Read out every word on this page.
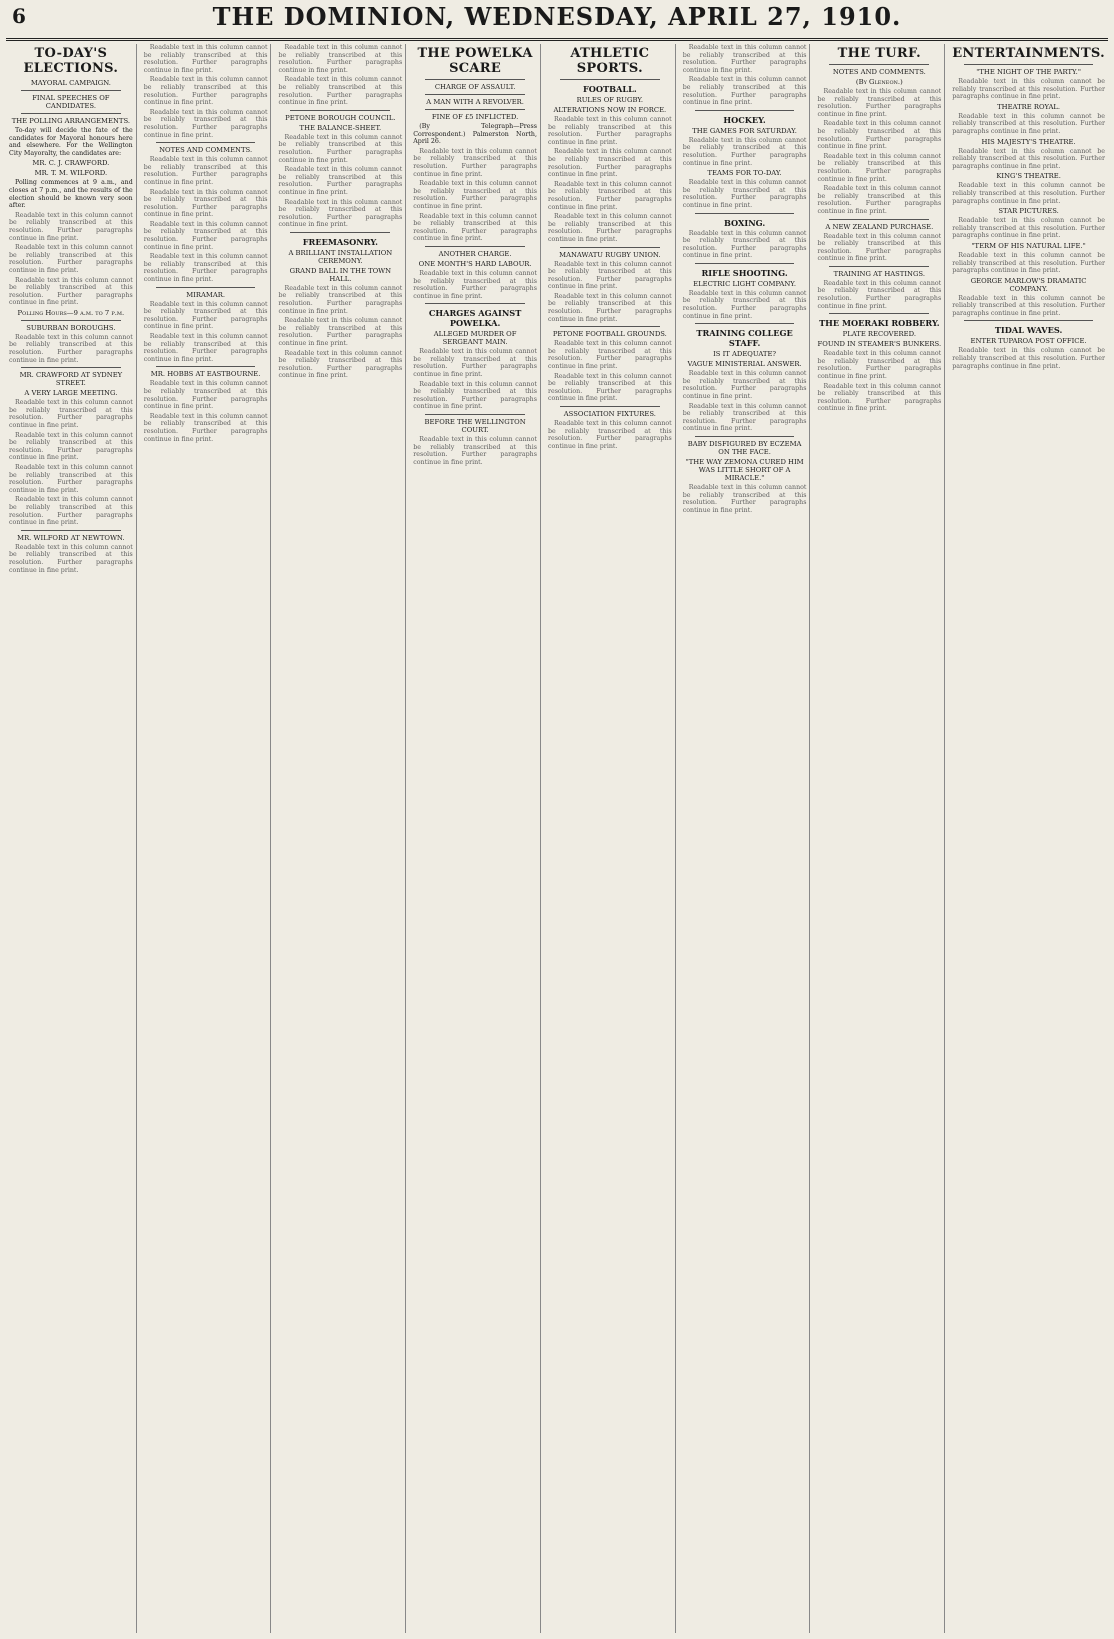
6	THE DOMINION, WEDNESDAY, APRIL 27, 1910.
TO-DAY'S ELECTIONS.
MAYORAL CAMPAIGN.
FINAL SPEECHES OF CANDIDATES.
THE POLLING ARRANGEMENTS.

To-day will decide the fate of the candidates for Mayoral honours here and elsewhere. For the Wellington City Mayoralty, the candidates are:

MR. C. J. CRAWFORD.
MR. T. M. WILFORD.

Polling commences at 9 a.m., and closes at 7 p.m., and the results of the election should be known very soon after.

Readable text in this column cannot be reliably transcribed at this resolution. Further paragraphs continue in fine print.

Readable text in this column cannot be reliably transcribed at this resolution. Further paragraphs continue in fine print.

Readable text in this column cannot be reliably transcribed at this resolution. Further paragraphs continue in fine print.

Polling Hours—9 a.m. to 7 p.m.
SUBURBAN BOROUGHS.

Readable text in this column cannot be reliably transcribed at this resolution. Further paragraphs continue in fine print.

MR. CRAWFORD AT SYDNEY STREET.
A VERY LARGE MEETING.

Readable text in this column cannot be reliably transcribed at this resolution. Further paragraphs continue in fine print.

Readable text in this column cannot be reliably transcribed at this resolution. Further paragraphs continue in fine print.

Readable text in this column cannot be reliably transcribed at this resolution. Further paragraphs continue in fine print.

Readable text in this column cannot be reliably transcribed at this resolution. Further paragraphs continue in fine print.

MR. WILFORD AT NEWTOWN.

Readable text in this column cannot be reliably transcribed at this resolution. Further paragraphs continue in fine print.

Readable text in this column cannot be reliably transcribed at this resolution. Further paragraphs continue in fine print.

Readable text in this column cannot be reliably transcribed at this resolution. Further paragraphs continue in fine print.

Readable text in this column cannot be reliably transcribed at this resolution. Further paragraphs continue in fine print.

NOTES AND COMMENTS.

Readable text in this column cannot be reliably transcribed at this resolution. Further paragraphs continue in fine print.

Readable text in this column cannot be reliably transcribed at this resolution. Further paragraphs continue in fine print.

Readable text in this column cannot be reliably transcribed at this resolution. Further paragraphs continue in fine print.

Readable text in this column cannot be reliably transcribed at this resolution. Further paragraphs continue in fine print.

MIRAMAR.

Readable text in this column cannot be reliably transcribed at this resolution. Further paragraphs continue in fine print.

Readable text in this column cannot be reliably transcribed at this resolution. Further paragraphs continue in fine print.

MR. HOBBS AT EASTBOURNE.

Readable text in this column cannot be reliably transcribed at this resolution. Further paragraphs continue in fine print.

Readable text in this column cannot be reliably transcribed at this resolution. Further paragraphs continue in fine print.

Readable text in this column cannot be reliably transcribed at this resolution. Further paragraphs continue in fine print.

Readable text in this column cannot be reliably transcribed at this resolution. Further paragraphs continue in fine print.

PETONE BOROUGH COUNCIL.
THE BALANCE-SHEET.

Readable text in this column cannot be reliably transcribed at this resolution. Further paragraphs continue in fine print.

Readable text in this column cannot be reliably transcribed at this resolution. Further paragraphs continue in fine print.

Readable text in this column cannot be reliably transcribed at this resolution. Further paragraphs continue in fine print.

FREEMASONRY.
A BRILLIANT INSTALLATION CEREMONY.
GRAND BALL IN THE TOWN HALL.

Readable text in this column cannot be reliably transcribed at this resolution. Further paragraphs continue in fine print.

Readable text in this column cannot be reliably transcribed at this resolution. Further paragraphs continue in fine print.

Readable text in this column cannot be reliably transcribed at this resolution. Further paragraphs continue in fine print.

THE POWELKA SCARE
CHARGE OF ASSAULT.
A MAN WITH A REVOLVER.
FINE OF £5 INFLICTED.

(By Telegraph—Press Correspondent.) Palmerston North, April 26.

Readable text in this column cannot be reliably transcribed at this resolution. Further paragraphs continue in fine print.

Readable text in this column cannot be reliably transcribed at this resolution. Further paragraphs continue in fine print.

Readable text in this column cannot be reliably transcribed at this resolution. Further paragraphs continue in fine print.

ANOTHER CHARGE.
ONE MONTH'S HARD LABOUR.

Readable text in this column cannot be reliably transcribed at this resolution. Further paragraphs continue in fine print.

CHARGES AGAINST POWELKA.
ALLEGED MURDER OF SERGEANT MAIN.

Readable text in this column cannot be reliably transcribed at this resolution. Further paragraphs continue in fine print.

Readable text in this column cannot be reliably transcribed at this resolution. Further paragraphs continue in fine print.

BEFORE THE WELLINGTON COURT.

Readable text in this column cannot be reliably transcribed at this resolution. Further paragraphs continue in fine print.

ATHLETIC SPORTS.
FOOTBALL.
RULES OF RUGBY.
ALTERATIONS NOW IN FORCE.

Readable text in this column cannot be reliably transcribed at this resolution. Further paragraphs continue in fine print.

Readable text in this column cannot be reliably transcribed at this resolution. Further paragraphs continue in fine print.

Readable text in this column cannot be reliably transcribed at this resolution. Further paragraphs continue in fine print.

Readable text in this column cannot be reliably transcribed at this resolution. Further paragraphs continue in fine print.

MANAWATU RUGBY UNION.

Readable text in this column cannot be reliably transcribed at this resolution. Further paragraphs continue in fine print.

Readable text in this column cannot be reliably transcribed at this resolution. Further paragraphs continue in fine print.

PETONE FOOTBALL GROUNDS.

Readable text in this column cannot be reliably transcribed at this resolution. Further paragraphs continue in fine print.

Readable text in this column cannot be reliably transcribed at this resolution. Further paragraphs continue in fine print.

ASSOCIATION FIXTURES.

Readable text in this column cannot be reliably transcribed at this resolution. Further paragraphs continue in fine print.

Readable text in this column cannot be reliably transcribed at this resolution. Further paragraphs continue in fine print.

Readable text in this column cannot be reliably transcribed at this resolution. Further paragraphs continue in fine print.

HOCKEY.
THE GAMES FOR SATURDAY.

Readable text in this column cannot be reliably transcribed at this resolution. Further paragraphs continue in fine print.

TEAMS FOR TO-DAY.

Readable text in this column cannot be reliably transcribed at this resolution. Further paragraphs continue in fine print.

BOXING.

Readable text in this column cannot be reliably transcribed at this resolution. Further paragraphs continue in fine print.

RIFLE SHOOTING.
ELECTRIC LIGHT COMPANY.

Readable text in this column cannot be reliably transcribed at this resolution. Further paragraphs continue in fine print.

TRAINING COLLEGE STAFF.
IS IT ADEQUATE?
VAGUE MINISTERIAL ANSWER.

Readable text in this column cannot be reliably transcribed at this resolution. Further paragraphs continue in fine print.

Readable text in this column cannot be reliably transcribed at this resolution. Further paragraphs continue in fine print.

BABY DISFIGURED BY ECZEMA ON THE FACE.
"THE WAY ZEMONA CURED HIM WAS LITTLE SHORT OF A MIRACLE."

Readable text in this column cannot be reliably transcribed at this resolution. Further paragraphs continue in fine print.

THE TURF.
NOTES AND COMMENTS.
(By Gleneon.)

Readable text in this column cannot be reliably transcribed at this resolution. Further paragraphs continue in fine print.

Readable text in this column cannot be reliably transcribed at this resolution. Further paragraphs continue in fine print.

Readable text in this column cannot be reliably transcribed at this resolution. Further paragraphs continue in fine print.

Readable text in this column cannot be reliably transcribed at this resolution. Further paragraphs continue in fine print.

A NEW ZEALAND PURCHASE.

Readable text in this column cannot be reliably transcribed at this resolution. Further paragraphs continue in fine print.

TRAINING AT HASTINGS.

Readable text in this column cannot be reliably transcribed at this resolution. Further paragraphs continue in fine print.

THE MOERAKI ROBBERY.
PLATE RECOVERED.
FOUND IN STEAMER'S BUNKERS.

Readable text in this column cannot be reliably transcribed at this resolution. Further paragraphs continue in fine print.

Readable text in this column cannot be reliably transcribed at this resolution. Further paragraphs continue in fine print.

ENTERTAINMENTS.
"THE NIGHT OF THE PARTY."

Readable text in this column cannot be reliably transcribed at this resolution. Further paragraphs continue in fine print.

THEATRE ROYAL.

Readable text in this column cannot be reliably transcribed at this resolution. Further paragraphs continue in fine print.

HIS MAJESTY'S THEATRE.

Readable text in this column cannot be reliably transcribed at this resolution. Further paragraphs continue in fine print.

KING'S THEATRE.

Readable text in this column cannot be reliably transcribed at this resolution. Further paragraphs continue in fine print.

STAR PICTURES.

Readable text in this column cannot be reliably transcribed at this resolution. Further paragraphs continue in fine print.

"TERM OF HIS NATURAL LIFE."

Readable text in this column cannot be reliably transcribed at this resolution. Further paragraphs continue in fine print.

GEORGE MARLOW'S DRAMATIC COMPANY.

Readable text in this column cannot be reliably transcribed at this resolution. Further paragraphs continue in fine print.

TIDAL WAVES.
ENTER TUPAROA POST OFFICE.

Readable text in this column cannot be reliably transcribed at this resolution. Further paragraphs continue in fine print.
